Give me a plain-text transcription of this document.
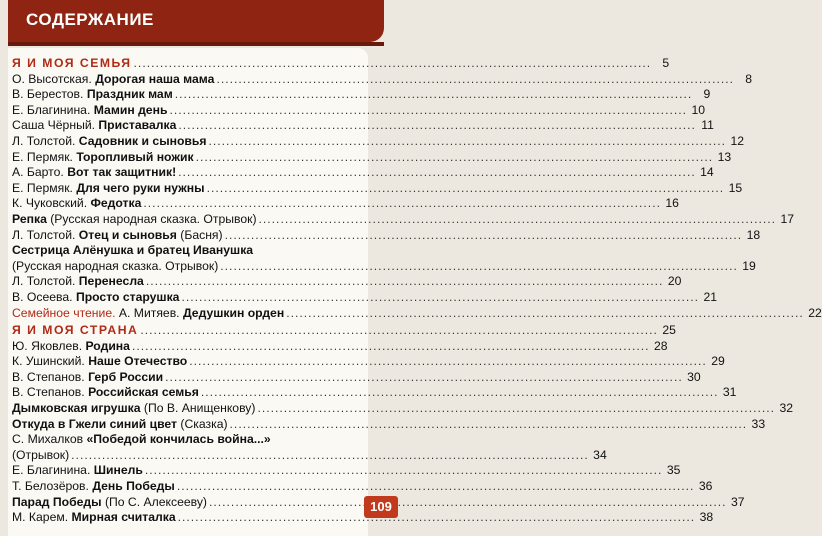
СОДЕРЖАНИЕ
Я И МОЯ СЕМЬЯ .....	5
О. Высотская. Дорогая наша мама .....	8
В. Берестов. Праздник мам .....	9
Е. Благинина. Мамин день .....	10
Саша Чёрный. Приставалка .....	11
Л. Толстой. Садовник и сыновья .....	12
Е. Пермяк. Торопливый ножик .....	13
А. Барто. Вот так защитник! .....	14
Е. Пермяк. Для чего руки нужны .....	15
К. Чуковский. Федотка .....	16
Репка (Русская народная сказка. Отрывок) .....	17
Л. Толстой. Отец и сыновья (Басня) .....	18
Сестрица Алёнушка и братец Иванушка
(Русская народная сказка. Отрывок) .....	19
Л. Толстой. Перенесла .....	20
В. Осеева. Просто старушка .....	21
Семейное чтение. А. Митяев. Дедушкин орден .....	22
Я И МОЯ СТРАНА .....	25
Ю. Яковлев. Родина .....	28
К. Ушинский. Наше Отечество .....	29
В. Степанов. Герб России .....	30
В. Степанов. Российская семья .....	31
Дымковская игрушка (По В. Анищенкову) .....	32
Откуда в Гжели синий цвет (Сказка) .....	33
С. Михалков «Победой кончилась война...»
(Отрывок) .....	34
Е. Благинина. Шинель .....	35
Т. Белозёров. День Победы .....	36
Парад Победы (По С. Алексееву) .....	37
М. Карем. Мирная считалка .....	38
109
